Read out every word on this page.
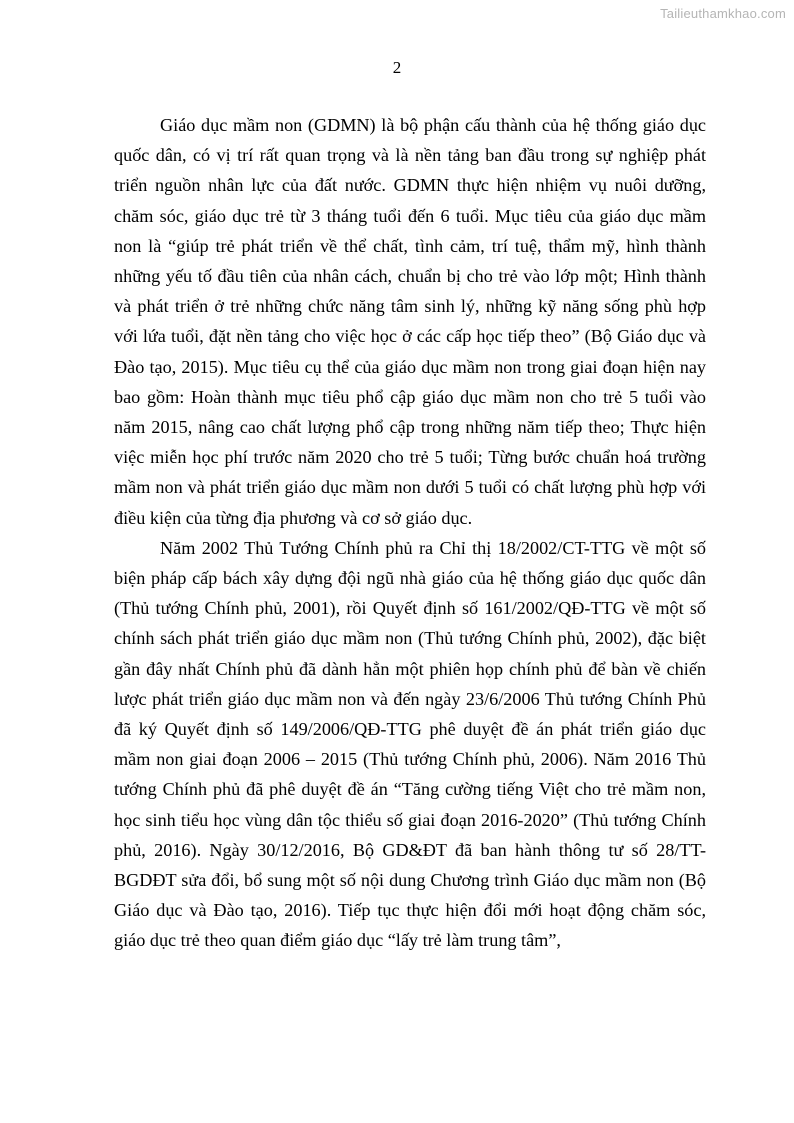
Tailieuthamkhao.com
2

Giáo dục mầm non (GDMN) là bộ phận cấu thành của hệ thống giáo dục quốc dân, có vị trí rất quan trọng và là nền tảng ban đầu trong sự nghiệp phát triển nguồn nhân lực của đất nước. GDMN thực hiện nhiệm vụ nuôi dưỡng, chăm sóc, giáo dục trẻ từ 3 tháng tuổi đến 6 tuổi. Mục tiêu của giáo dục mầm non là “giúp trẻ phát triển về thể chất, tình cảm, trí tuệ, thẩm mỹ, hình thành những yếu tố đầu tiên của nhân cách, chuẩn bị cho trẻ vào lớp một; Hình thành và phát triển ở trẻ những chức năng tâm sinh lý, những kỹ năng sống phù hợp với lứa tuổi, đặt nền tảng cho việc học ở các cấp học tiếp theo” (Bộ Giáo dục và Đào tạo, 2015). Mục tiêu cụ thể của giáo dục mầm non trong giai đoạn hiện nay bao gồm: Hoàn thành mục tiêu phổ cập giáo dục mầm non cho trẻ 5 tuổi vào năm 2015, nâng cao chất lượng phổ cập trong những năm tiếp theo; Thực hiện việc miễn học phí trước năm 2020 cho trẻ 5 tuổi; Từng bước chuẩn hoá trường mầm non và phát triển giáo dục mầm non dưới 5 tuổi có chất lượng phù hợp với điều kiện của từng địa phương và cơ sở giáo dục.

Năm 2002 Thủ Tướng Chính phủ ra Chỉ thị 18/2002/CT-TTG về một số biện pháp cấp bách xây dựng đội ngũ nhà giáo của hệ thống giáo dục quốc dân (Thủ tướng Chính phủ, 2001), rồi Quyết định số 161/2002/QĐ-TTG về một số chính sách phát triển giáo dục mầm non (Thủ tướng Chính phủ, 2002), đặc biệt gần đây nhất Chính phủ đã dành hẳn một phiên họp chính phủ để bàn về chiến lược phát triển giáo dục mầm non và đến ngày 23/6/2006 Thủ tướng Chính Phủ đã ký Quyết định số 149/2006/QĐ-TTG phê duyệt đề án phát triển giáo dục mầm non giai đoạn 2006 – 2015 (Thủ tướng Chính phủ, 2006). Năm 2016 Thủ tướng Chính phủ đã phê duyệt đề án “Tăng cường tiếng Việt cho trẻ mầm non, học sinh tiểu học vùng dân tộc thiểu số giai đoạn 2016-2020” (Thủ tướng Chính phủ, 2016). Ngày 30/12/2016, Bộ GD&ĐT đã ban hành thông tư số 28/TT-BGDĐT sửa đổi, bổ sung một số nội dung Chương trình Giáo dục mầm non (Bộ Giáo dục và Đào tạo, 2016). Tiếp tục thực hiện đổi mới hoạt động chăm sóc, giáo dục trẻ theo quan điểm giáo dục “lấy trẻ làm trung tâm”,
